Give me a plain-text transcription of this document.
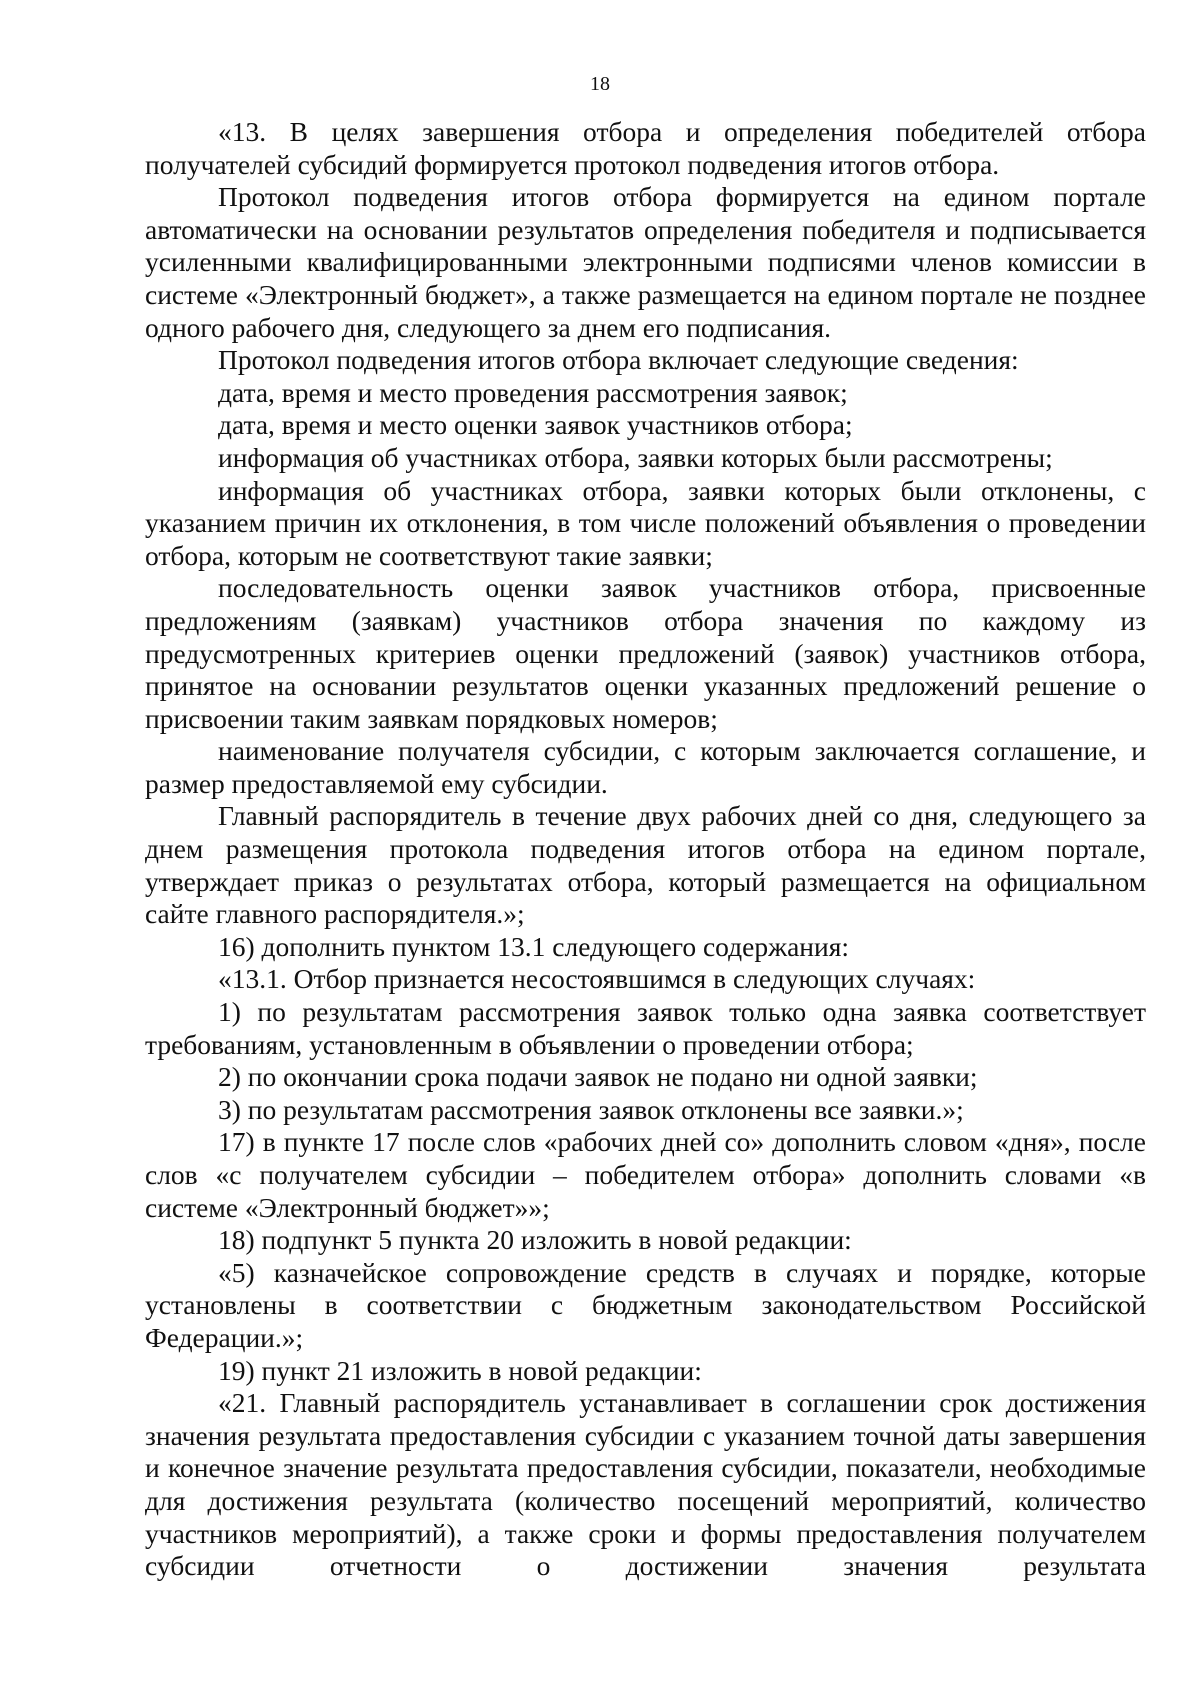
18

«13. В целях завершения отбора и определения победителей отбора получателей субсидий формируется протокол подведения итогов отбора.

Протокол подведения итогов отбора формируется на едином портале автоматически на основании результатов определения победителя и подписывается усиленными квалифицированными электронными подписями членов комиссии в системе «Электронный бюджет», а также размещается на едином портале не позднее одного рабочего дня, следующего за днем его подписания.

Протокол подведения итогов отбора включает следующие сведения:

дата, время и место проведения рассмотрения заявок;

дата, время и место оценки заявок участников отбора;

информация об участниках отбора, заявки которых были рассмотрены;

информация об участниках отбора, заявки которых были отклонены, с указанием причин их отклонения, в том числе положений объявления о проведении отбора, которым не соответствуют такие заявки;

последовательность оценки заявок участников отбора, присвоенные предложениям (заявкам) участников отбора значения по каждому из предусмотренных критериев оценки предложений (заявок) участников отбора, принятое на основании результатов оценки указанных предложений решение о присвоении таким заявкам порядковых номеров;

наименование получателя субсидии, с которым заключается соглашение, и размер предоставляемой ему субсидии.

Главный распорядитель в течение двух рабочих дней со дня, следующего за днем размещения протокола подведения итогов отбора на едином портале, утверждает приказ о результатах отбора, который размещается на официальном сайте главного распорядителя.»;

16) дополнить пунктом 13.1 следующего содержания:

«13.1. Отбор признается несостоявшимся в следующих случаях:

1) по результатам рассмотрения заявок только одна заявка соответствует требованиям, установленным в объявлении о проведении отбора;

2) по окончании срока подачи заявок не подано ни одной заявки;

3) по результатам рассмотрения заявок отклонены все заявки.»;

17) в пункте 17 после слов «рабочих дней со» дополнить словом «дня», после слов «с получателем субсидии – победителем отбора» дополнить словами «в системе «Электронный бюджет»»;

18) подпункт 5 пункта 20 изложить в новой редакции:

«5) казначейское сопровождение средств в случаях и порядке, которые установлены в соответствии с бюджетным законодательством Российской Федерации.»;

19) пункт 21 изложить в новой редакции:

«21. Главный распорядитель устанавливает в соглашении срок достижения значения результата предоставления субсидии с указанием точной даты завершения и конечное значение результата предоставления субсидии, показатели, необходимые для достижения результата (количество посещений мероприятий, количество участников мероприятий), а также сроки и формы предоставления получателем субсидии отчетности о достижении значения результата
